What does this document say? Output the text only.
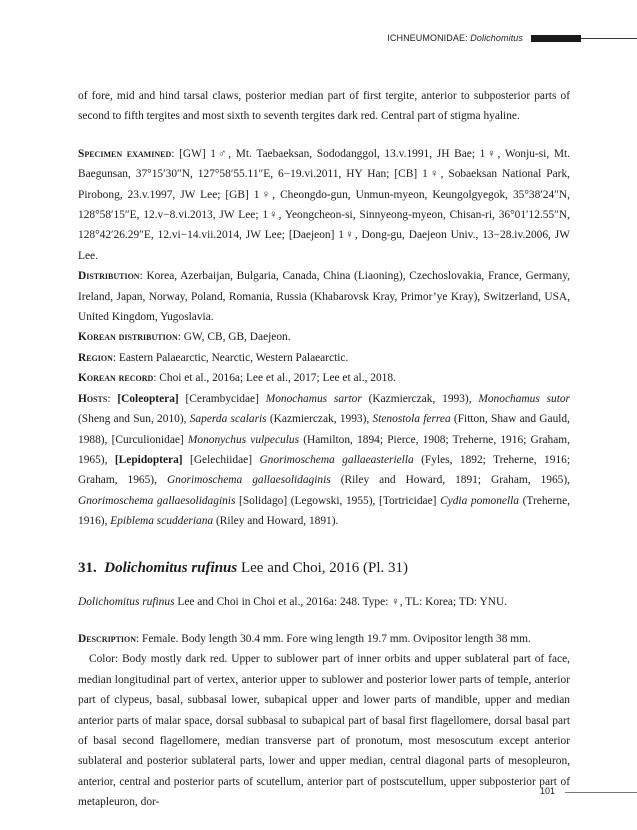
ICHNEUMONIDAE: Dolichomitus

of fore, mid and hind tarsal claws, posterior median part of first tergite, anterior to subposterior parts of second to fifth tergites and most sixth to seventh tergites dark red. Central part of stigma hyaline.

Specimen examined: [GW] 1♂, Mt. Taebaeksan, Sododanggol, 13.v.1991, JH Bae; 1♀, Wonju-si, Mt. Baegunsan, 37°15′30″N, 127°58′55.11″E, 6−19.vi.2011, HY Han; [CB] 1♀, Sobaeksan National Park, Pirobong, 23.v.1997, JW Lee; [GB] 1♀, Cheongdo-gun, Unmun-myeon, Keungolgyegok, 35°38′24″N, 128°58′15″E, 12.v−8.vi.2013, JW Lee; 1♀, Yeongcheon-si, Sinnyeong-myeon, Chisan-ri, 36°01′12.55″N, 128°42′26.29″E, 12.vi−14.vii.2014, JW Lee; [Daejeon] 1♀, Dong-gu, Daejeon Univ., 13−28.iv.2006, JW Lee.

Distribution: Korea, Azerbaijan, Bulgaria, Canada, China (Liaoning), Czechoslovakia, France, Germany, Ireland, Japan, Norway, Poland, Romania, Russia (Khabarovsk Kray, Primor’ye Kray), Switzerland, USA, United Kingdom, Yugoslavia.

Korean distribution: GW, CB, GB, Daejeon.

Region: Eastern Palaearctic, Nearctic, Western Palaearctic.

Korean record: Choi et al., 2016a; Lee et al., 2017; Lee et al., 2018.

Hosts: [Coleoptera] [Cerambycidae] Monochamus sartor (Kazmierczak, 1993), Monochamus sutor (Sheng and Sun, 2010), Saperda scalaris (Kazmierczak, 1993), Stenostola ferrea (Fitton, Shaw and Gauld, 1988), [Curculionidae] Mononychus vulpeculus (Hamilton, 1894; Pierce, 1908; Treherne, 1916; Graham, 1965), [Lepidoptera] [Gelechiidae] Gnorimoschema gallaeasteriella (Fyles, 1892; Treherne, 1916; Graham, 1965), Gnorimoschema gallaesolidaginis (Riley and Howard, 1891; Graham, 1965), Gnorimoschema gallaesolidaginis [Solidago] (Legowski, 1955), [Tortricidae] Cydia pomonella (Treherne, 1916), Epiblema scudderiana (Riley and Howard, 1891).

31. Dolichomitus rufinus Lee and Choi, 2016 (Pl. 31)

Dolichomitus rufinus Lee and Choi in Choi et al., 2016a: 248. Type: ♀, TL: Korea; TD: YNU.

Description: Female. Body length 30.4 mm. Fore wing length 19.7 mm. Ovipositor length 38 mm.

Color: Body mostly dark red. Upper to sublower part of inner orbits and upper sublateral part of face, median longitudinal part of vertex, anterior upper to sublower and posterior lower parts of temple, anterior part of clypeus, basal, subbasal lower, subapical upper and lower parts of mandible, upper and median anterior parts of malar space, dorsal subbasal to subapical part of basal first flagellomere, dorsal basal part of basal second flagellomere, median transverse part of pronotum, most mesoscutum except anterior sublateral and posterior sublateral parts, lower and upper median, central diagonal parts of mesopleuron, anterior, central and posterior parts of scutellum, anterior part of postscutellum, upper subposterior part of metapleuron, dor-

101
